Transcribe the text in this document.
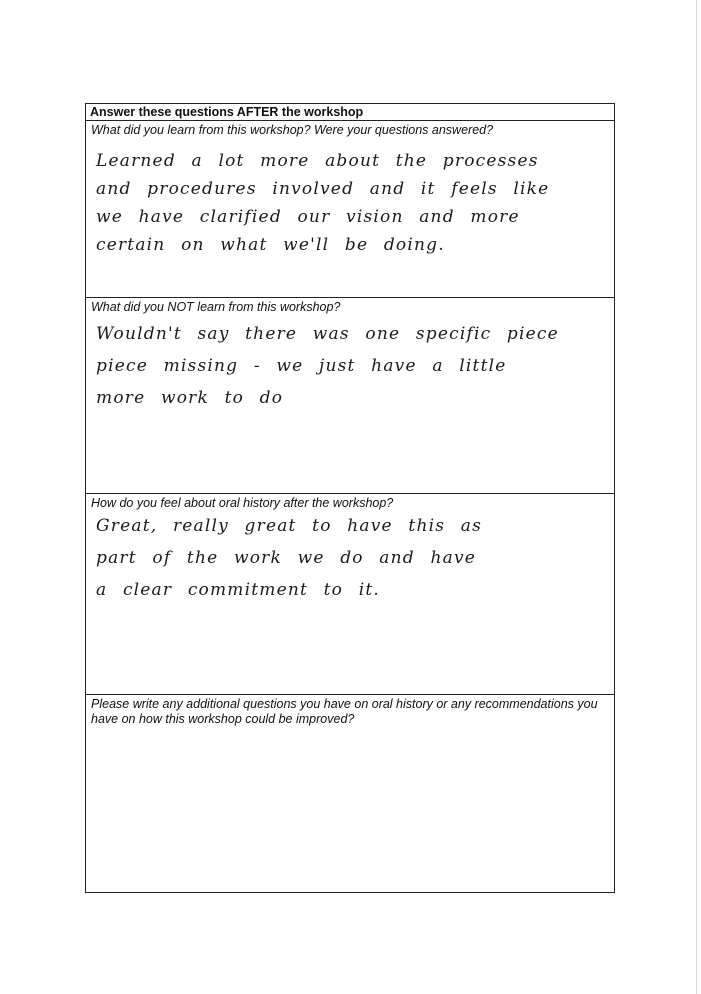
Answer these questions AFTER the workshop
What did you learn from this workshop? Were your questions answered?
Learned a lot more about the processes
and procedures involved and it feels like
we have clarified our vision and more
certain on what we'll be doing.
What did you NOT learn from this workshop?
Wouldn't say there was one specific piece
piece missing - we just have a little
more work to do
How do you feel about oral history after the workshop?
Great, really great to have this as
part of the work we do and have
a clear commitment to it.
Please write any additional questions you have on oral history or any recommendations you have on how this workshop could be improved?
